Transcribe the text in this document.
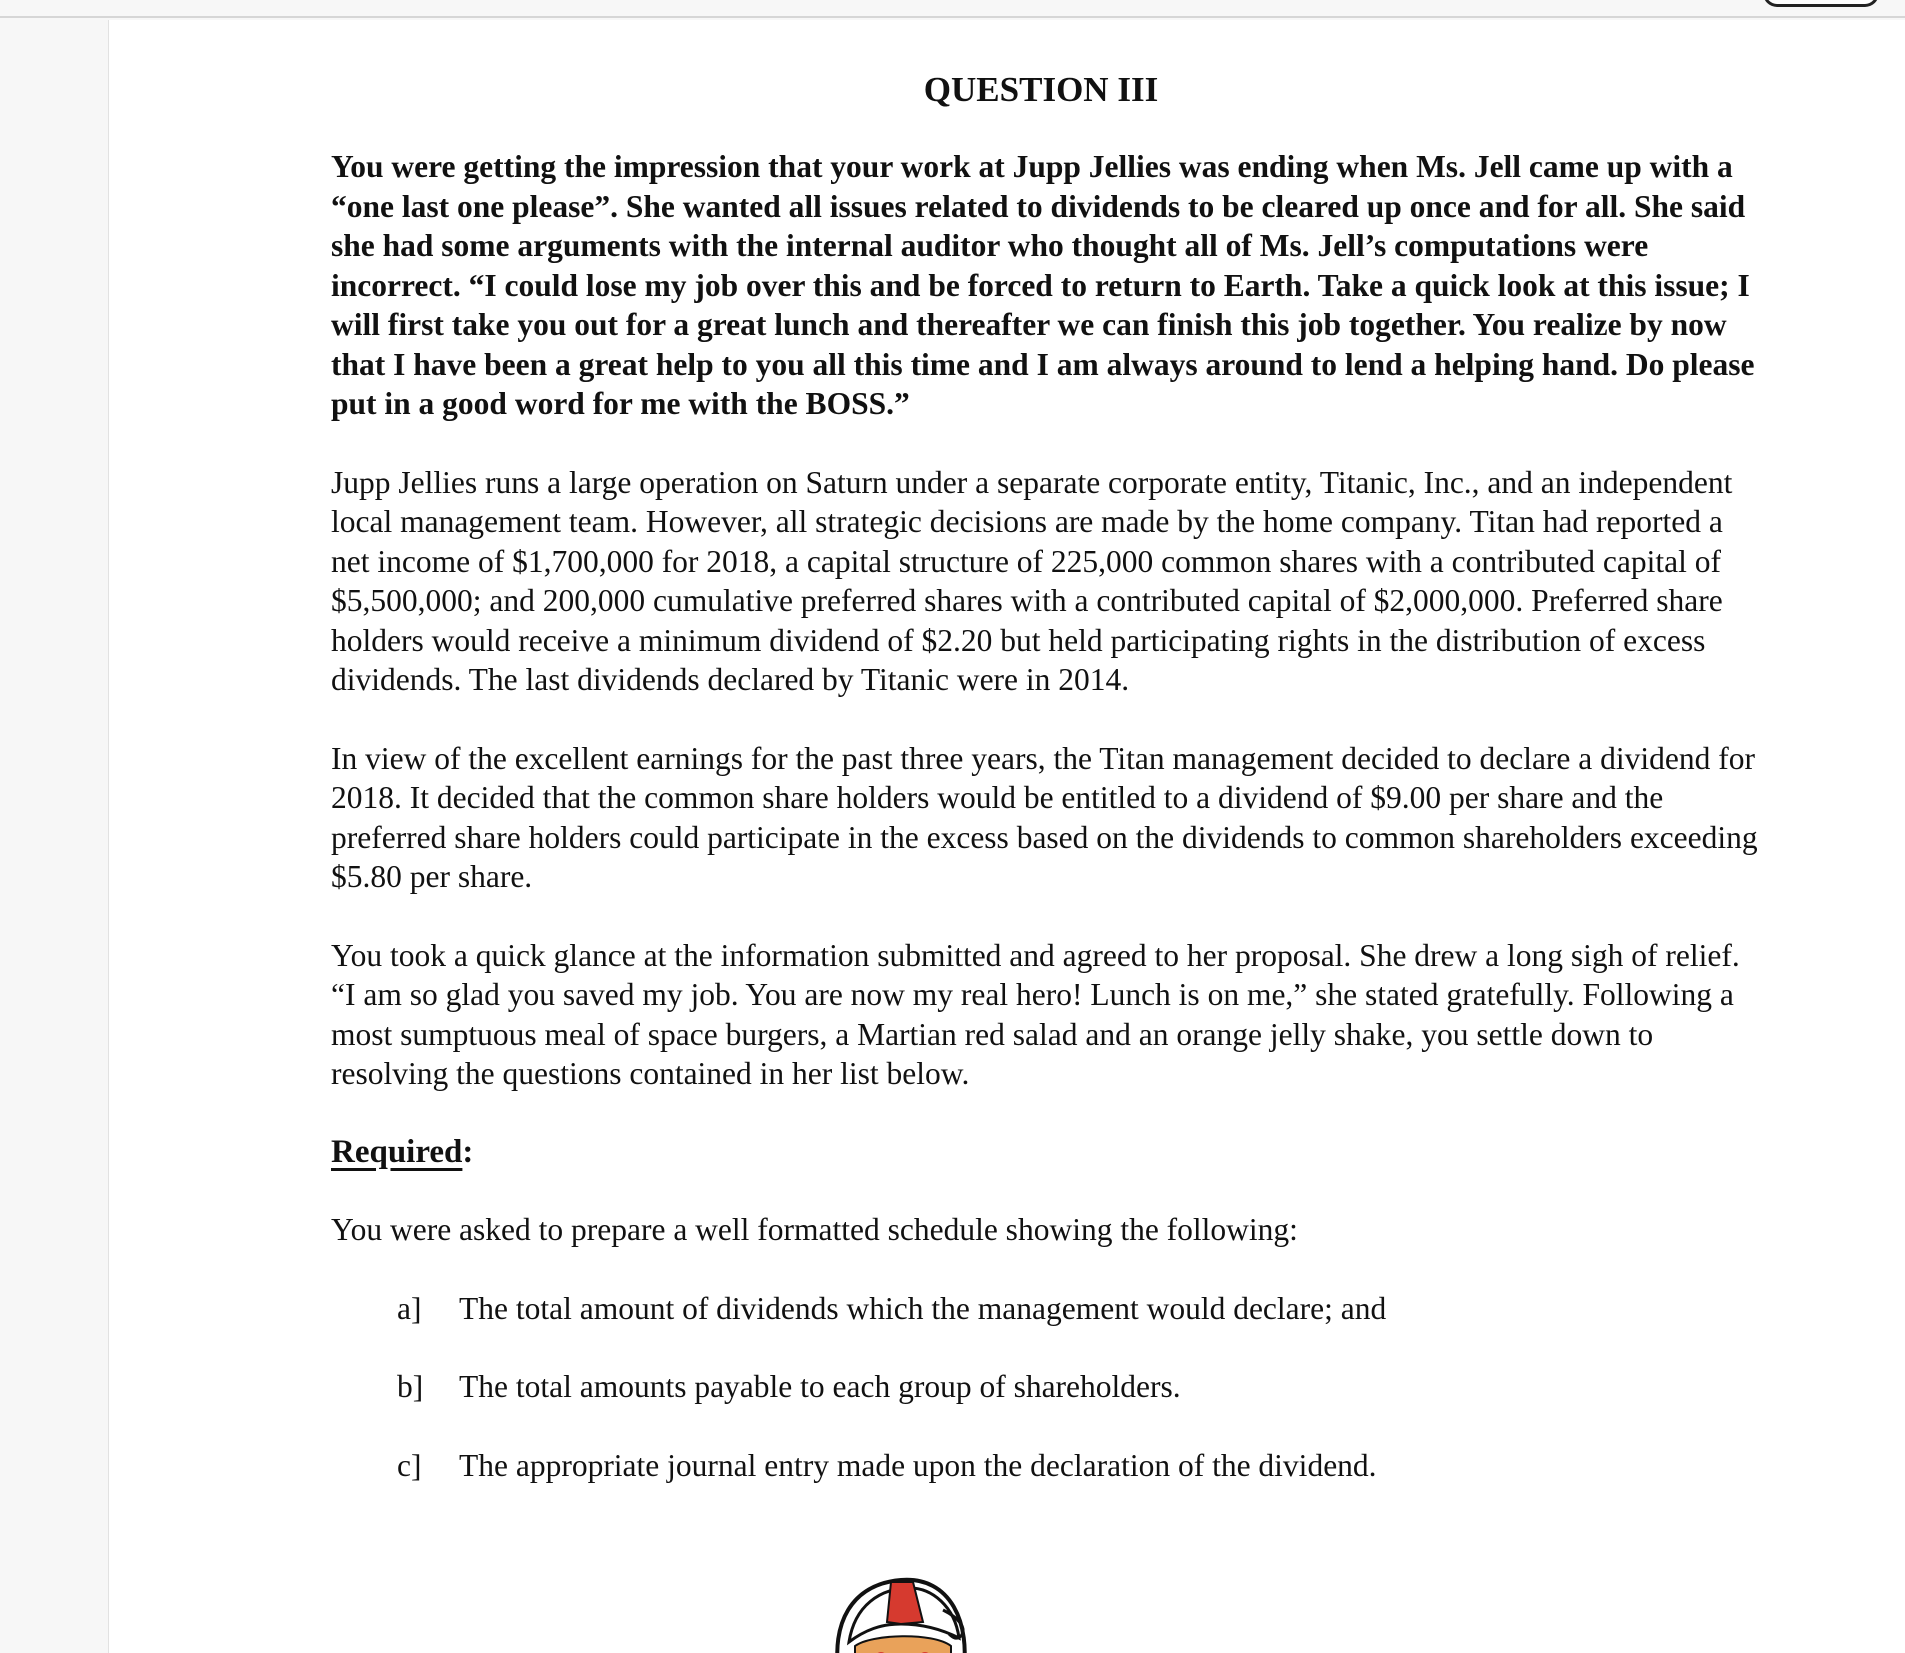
QUESTION III

You were getting the impression that your work at Jupp Jellies was ending when Ms. Jell came up with a “one last one please”. She wanted all issues related to dividends to be cleared up once and for all. She said she had some arguments with the internal auditor who thought all of Ms. Jell’s computations were incorrect. “I could lose my job over this and be forced to return to Earth. Take a quick look at this issue; I will first take you out for a great lunch and thereafter we can finish this job together. You realize by now that I have been a great help to you all this time and I am always around to lend a helping hand. Do please put in a good word for me with the BOSS.”

Jupp Jellies runs a large operation on Saturn under a separate corporate entity, Titanic, Inc., and an independent local management team. However, all strategic decisions are made by the home company. Titan had reported a net income of $1,700,000 for 2018, a capital structure of 225,000 common shares with a contributed capital of $5,500,000; and 200,000 cumulative preferred shares with a contributed capital of $2,000,000. Preferred share holders would receive a minimum dividend of $2.20 but held participating rights in the distribution of excess dividends. The last dividends declared by Titanic were in 2014.

In view of the excellent earnings for the past three years, the Titan management decided to declare a dividend for 2018. It decided that the common share holders would be entitled to a dividend of $9.00 per share and the preferred share holders could participate in the excess based on the dividends to common shareholders exceeding $5.80 per share.

You took a quick glance at the information submitted and agreed to her proposal. She drew a long sigh of relief. “I am so glad you saved my job. You are now my real hero! Lunch is on me,” she stated gratefully. Following a most sumptuous meal of space burgers, a Martian red salad and an orange jelly shake, you settle down to resolving the questions contained in her list below.

Required:

You were asked to prepare a well formatted schedule showing the following:

a]	The total amount of dividends which the management would declare; and
b]	The total amounts payable to each group of shareholders.
c]	The appropriate journal entry made upon the declaration of the dividend.
